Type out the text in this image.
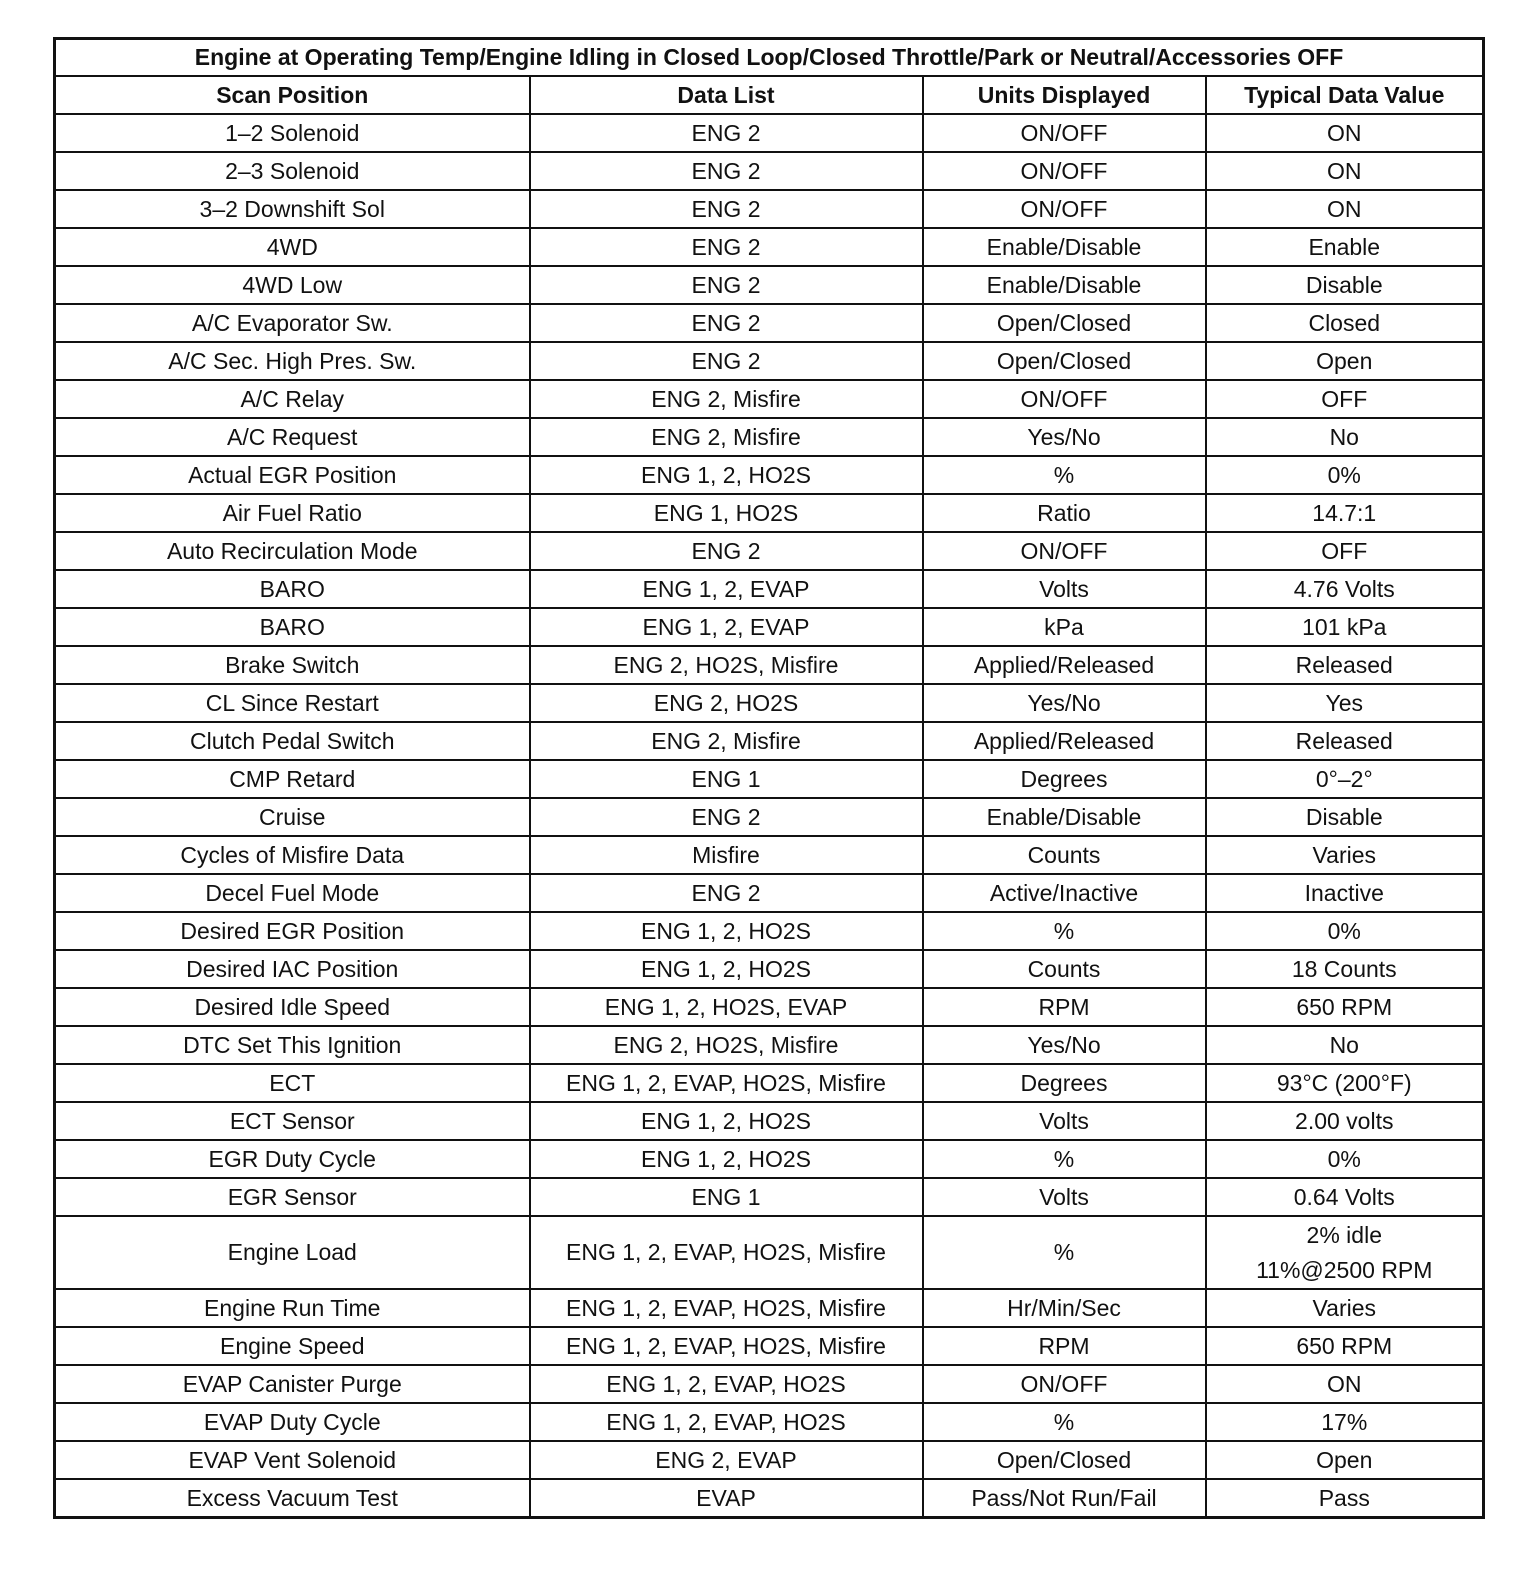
Engine at Operating Temp/Engine Idling in Closed Loop/Closed Throttle/Park or Neutral/Accessories OFF			
Scan Position	Data List	Units Displayed	Typical Data Value
1–2 Solenoid	ENG 2	ON/OFF	ON
2–3 Solenoid	ENG 2	ON/OFF	ON
3–2 Downshift Sol	ENG 2	ON/OFF	ON
4WD	ENG 2	Enable/Disable	Enable
4WD Low	ENG 2	Enable/Disable	Disable
A/C Evaporator Sw.	ENG 2	Open/Closed	Closed
A/C Sec. High Pres. Sw.	ENG 2	Open/Closed	Open
A/C Relay	ENG 2, Misfire	ON/OFF	OFF
A/C Request	ENG 2, Misfire	Yes/No	No
Actual EGR Position	ENG 1, 2, HO2S	%	0%
Air Fuel Ratio	ENG 1, HO2S	Ratio	14.7:1
Auto Recirculation Mode	ENG 2	ON/OFF	OFF
BARO	ENG 1, 2, EVAP	Volts	4.76 Volts
BARO	ENG 1, 2, EVAP	kPa	101 kPa
Brake Switch	ENG 2, HO2S, Misfire	Applied/Released	Released
CL Since Restart	ENG 2, HO2S	Yes/No	Yes
Clutch Pedal Switch	ENG 2, Misfire	Applied/Released	Released
CMP Retard	ENG 1	Degrees	0°–2°
Cruise	ENG 2	Enable/Disable	Disable
Cycles of Misfire Data	Misfire	Counts	Varies
Decel Fuel Mode	ENG 2	Active/Inactive	Inactive
Desired EGR Position	ENG 1, 2, HO2S	%	0%
Desired IAC Position	ENG 1, 2, HO2S	Counts	18 Counts
Desired Idle Speed	ENG 1, 2, HO2S, EVAP	RPM	650 RPM
DTC Set This Ignition	ENG 2, HO2S, Misfire	Yes/No	No
ECT	ENG 1, 2, EVAP, HO2S, Misfire	Degrees	93°C (200°F)
ECT Sensor	ENG 1, 2, HO2S	Volts	2.00 volts
EGR Duty Cycle	ENG 1, 2, HO2S	%	0%
EGR Sensor	ENG 1	Volts	0.64 Volts
Engine Load	ENG 1, 2, EVAP, HO2S, Misfire	%	2% idle
11%@2500 RPM
Engine Run Time	ENG 1, 2, EVAP, HO2S, Misfire	Hr/Min/Sec	Varies
Engine Speed	ENG 1, 2, EVAP, HO2S, Misfire	RPM	650 RPM
EVAP Canister Purge	ENG 1, 2, EVAP, HO2S	ON/OFF	ON
EVAP Duty Cycle	ENG 1, 2, EVAP, HO2S	%	17%
EVAP Vent Solenoid	ENG 2, EVAP	Open/Closed	Open
Excess Vacuum Test	EVAP	Pass/Not Run/Fail	Pass
